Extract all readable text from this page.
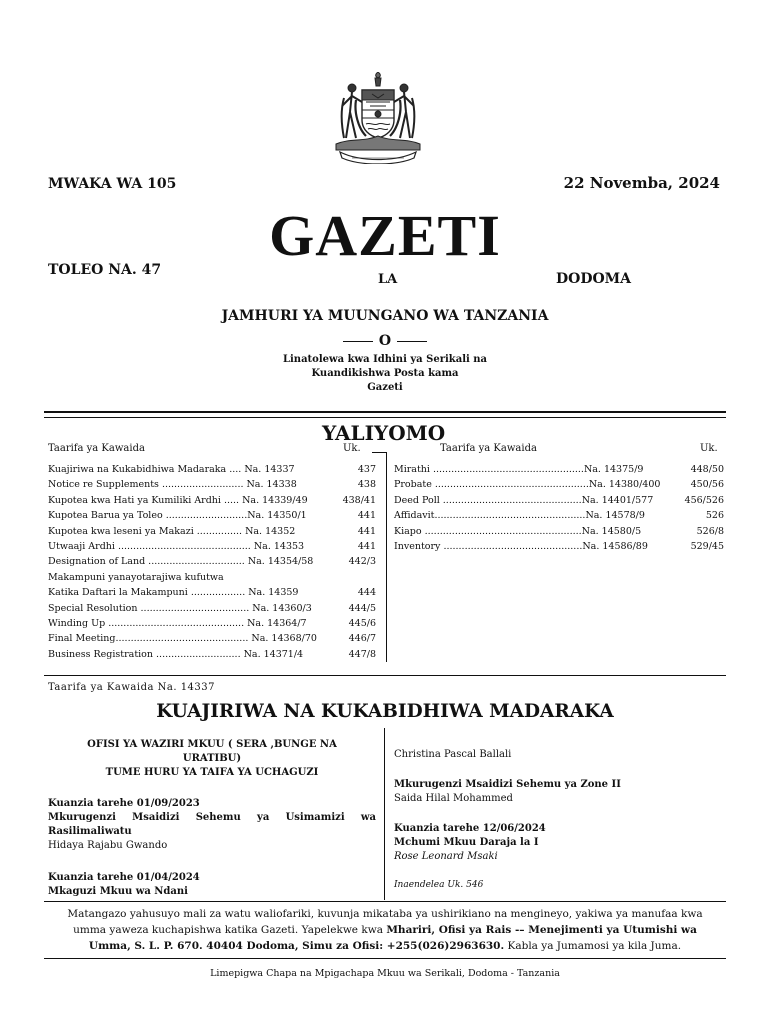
MWAKA WA 105	22 Novemba, 2024
GAZETI
TOLEO NA. 47
LA	DODOMA
JAMHURI YA MUUNGANO WA TANZANIA
O
Linatolewa kwa Idhini ya Serikali na
Kuandikishwa Posta kama
Gazeti
YALIYOMO
Taarifa ya Kawaida	Uk.
Kuajiriwa na Kukabidhiwa Madaraka .... Na. 14337	437
Notice re Supplements ........................... Na. 14338	438
Kupotea kwa Hati ya Kumiliki Ardhi ..... Na. 14339/49	438/41
Kupotea Barua ya Toleo ...........................Na. 14350/1	441
Kupotea kwa leseni ya Makazi ............... Na. 14352	441
Utwaaji Ardhi ............................................ Na. 14353	441
Designation of Land ................................ Na. 14354/58	442/3
Makampuni yanayotarajiwa kufutwa
Katika Daftari la Makampuni .................. Na. 14359	444
Special Resolution .................................... Na. 14360/3	444/5
Winding Up ............................................. Na. 14364/7	445/6
Final Meeting............................................ Na. 14368/70	446/7
Business Registration ............................ Na. 14371/4	447/8
Taarifa ya Kawaida	Uk.
Mirathi ..................................................Na. 14375/9	448/50
Probate ...................................................Na. 14380/400	450/56
Deed Poll ..............................................Na. 14401/577	456/526
Affidavit..................................................Na. 14578/9	526
Kiapo ....................................................Na. 14580/5	526/8
Inventory ..............................................Na. 14586/89	529/45
Taarifa ya Kawaida Na. 14337
KUAJIRIWA NA KUKABIDHIWA MADARAKA
OFISI YA WAZIRI MKUU ( SERA ,BUNGE NA
URATIBU)
TUME HURU YA TAIFA YA UCHAGUZI
Kuanzia tarehe 01/09/2023
Mkurugenzi Msaidizi Sehemu ya Usimamizi wa Rasilimaliwatu
Hidaya Rajabu Gwando
Kuanzia tarehe 01/04/2024
Mkaguzi Mkuu wa Ndani
Christina Pascal Ballali
Mkurugenzi Msaidizi Sehemu ya Zone II
Saida Hilal Mohammed
Kuanzia tarehe 12/06/2024
Mchumi Mkuu Daraja la I
Rose Leonard Msaki
Inaendelea Uk. 546
Matangazo yahusuyo mali za watu waliofariki, kuvunja mikataba ya ushirikiano na mengineyo, yakiwa ya manufaa kwa
umma yaweza kuchapishwa katika Gazeti. Yapelekwe kwa Mhariri, Ofisi ya Rais -– Menejimenti ya Utumishi wa
Umma, S. L. P. 670. 40404 Dodoma, Simu za Ofisi: +255(026)2963630. Kabla ya Jumamosi ya kila Juma.
Limepigwa Chapa na Mpigachapa Mkuu wa Serikali, Dodoma - Tanzania
